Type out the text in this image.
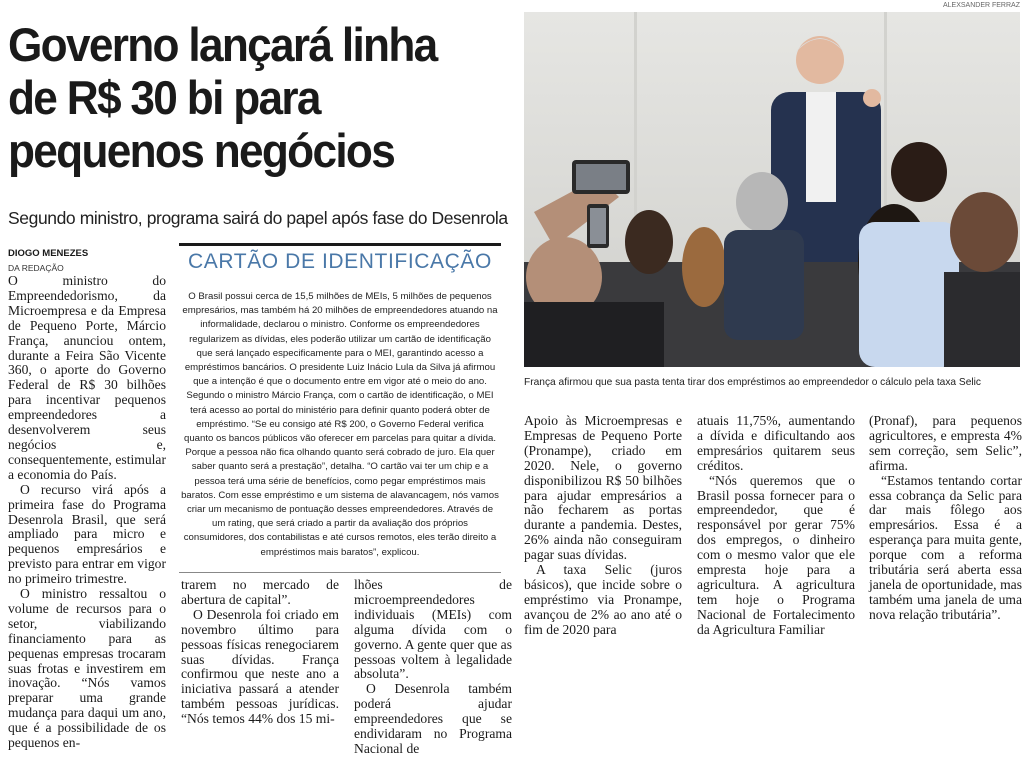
Governo lançará linha de R$ 30 bi para pequenos negócios

Segundo ministro, programa sairá do papel após fase do Desenrola

DIOGO MENEZES
DA REDAÇÃO

O ministro do Empreendedorismo, da Microempresa e da Empresa de Pequeno Porte, Márcio França, anunciou ontem, durante a Feira São Vicente 360, o aporte do Governo Federal de R$ 30 bilhões para incentivar pequenos empreendedores a desenvolverem seus negócios e, consequentemente, estimular a economia do País.

O recurso virá após a primeira fase do Programa Desenrola Brasil, que será ampliado para micro e pequenos empresários e previsto para entrar em vigor no primeiro trimestre.

O ministro ressaltou o volume de recursos para o setor, viabilizando financiamento para as pequenas empresas trocaram suas frotas e investirem em inovação. “Nós vamos preparar uma grande mudança para daqui um ano, que é a possibilidade de os pequenos en-

CARTÃO DE IDENTIFICAÇÃO

O Brasil possui cerca de 15,5 milhões de MEIs, 5 milhões de pequenos empresários, mas também há 20 milhões de empreendedores atuando na informalidade, declarou o ministro. Conforme os empreendedores regularizem as dívidas, eles poderão utilizar um cartão de identificação que será lançado especificamente para o MEI, garantindo acesso a empréstimos bancários. O presidente Luiz Inácio Lula da Silva já afirmou que a intenção é que o documento entre em vigor até o meio do ano. Segundo o ministro Márcio França, com o cartão de identificação, o MEI terá acesso ao portal do ministério para definir quanto poderá obter de empréstimo. “Se eu consigo até R$ 200, o Governo Federal verifica quanto os bancos públicos vão oferecer em parcelas para quitar a dívida. Porque a pessoa não fica olhando quanto será cobrado de juro. Ela quer saber quanto será a prestação”, detalha. “O cartão vai ter um chip e a pessoa terá uma série de benefícios, como pegar empréstimos mais baratos. Com esse empréstimo e um sistema de alavancagem, nós vamos criar um mecanismo de pontuação desses empreendedores. Através de um rating, que será criado a partir da avaliação dos próprios consumidores, dos contabilistas e até cursos remotos, eles terão direito a empréstimos mais baratos”, explicou.

trarem no mercado de abertura de capital”.

O Desenrola foi criado em novembro último para pessoas físicas renegociarem suas dívidas. França confirmou que neste ano a iniciativa passará a atender também pessoas jurídicas. “Nós temos 44% dos 15 mi-

lhões de microempreendedores individuais (MEIs) com alguma dívida com o governo. A gente quer que as pessoas voltem à legalidade absoluta”.

O Desenrola também poderá ajudar empreendedores que se endividaram no Programa Nacional de

Apoio às Microempresas e Empresas de Pequeno Porte (Pronampe), criado em 2020. Nele, o governo disponibilizou R$ 50 bilhões para ajudar empresários a não fecharem as portas durante a pandemia. Destes, 26% ainda não conseguiram pagar suas dívidas.

A taxa Selic (juros básicos), que incide sobre o empréstimo via Pronampe, avançou de 2% ao ano até o fim de 2020 para

atuais 11,75%, aumentando a dívida e dificultando aos empresários quitarem seus créditos.

“Nós queremos que o Brasil possa fornecer para o empreendedor, que é responsável por gerar 75% dos empregos, o dinheiro com o mesmo valor que ele empresta hoje para a agricultura. A agricultura tem hoje o Programa Nacional de Fortalecimento da Agricultura Familiar

(Pronaf), para pequenos agricultores, e empresta 4% sem correção, sem Selic”, afirma.

“Estamos tentando cortar essa cobrança da Selic para dar mais fôlego aos empresários. Essa é a esperança para muita gente, porque com a reforma tributária será aberta essa janela de oportunidade, mas também uma janela de uma nova relação tributária”.

ALEXSANDER FERRAZ
França afirmou que sua pasta tenta tirar dos empréstimos ao empreendedor o cálculo pela taxa Selic
